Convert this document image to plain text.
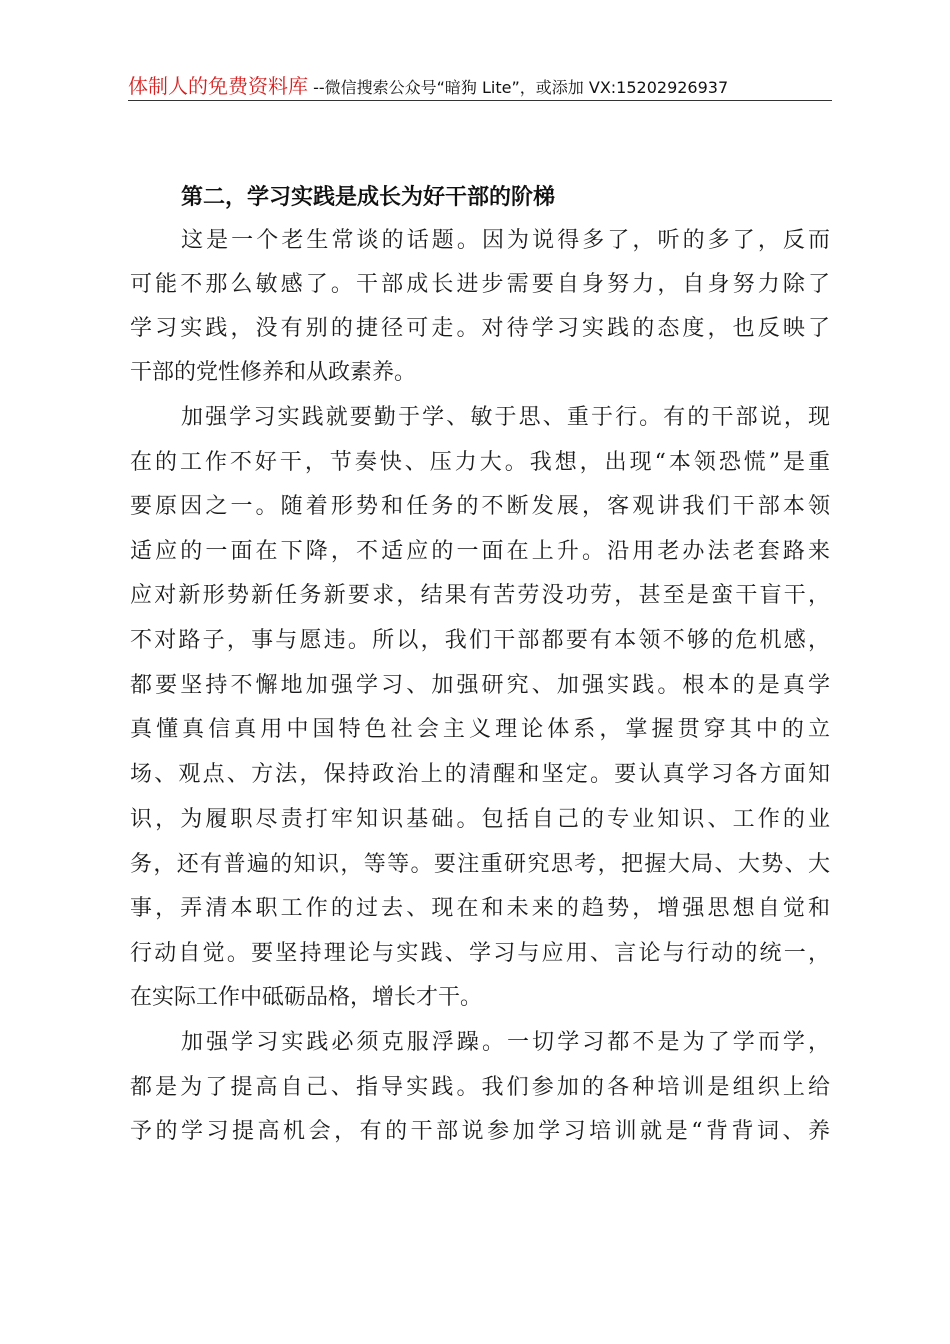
体制人的免费资料库 --微信搜索公众号“暗狗 Lite”，或添加 VX:15202926937
第二，学习实践是成长为好干部的阶梯
这是一个老生常谈的话题。因为说得多了，听的多了，反而
可能不那么敏感了。干部成长进步需要自身努力，自身努力除了
学习实践，没有别的捷径可走。对待学习实践的态度，也反映了
干部的党性修养和从政素养。
加强学习实践就要勤于学、敏于思、重于行。有的干部说，现
在的工作不好干，节奏快、压力大。我想，出现“本领恐慌”是重
要原因之一。随着形势和任务的不断发展，客观讲我们干部本领
适应的一面在下降，不适应的一面在上升。沿用老办法老套路来
应对新形势新任务新要求，结果有苦劳没功劳，甚至是蛮干盲干，
不对路子，事与愿违。所以，我们干部都要有本领不够的危机感，
都要坚持不懈地加强学习、加强研究、加强实践。根本的是真学
真懂真信真用中国特色社会主义理论体系，掌握贯穿其中的立
场、观点、方法，保持政治上的清醒和坚定。要认真学习各方面知
识，为履职尽责打牢知识基础。包括自己的专业知识、工作的业
务，还有普遍的知识，等等。要注重研究思考，把握大局、大势、大
事，弄清本职工作的过去、现在和未来的趋势，增强思想自觉和
行动自觉。要坚持理论与实践、学习与应用、言论与行动的统一，
在实际工作中砥砺品格，增长才干。
加强学习实践必须克服浮躁。一切学习都不是为了学而学，
都是为了提高自己、指导实践。我们参加的各种培训是组织上给
予的学习提高机会，有的干部说参加学习培训就是“背背词、养
